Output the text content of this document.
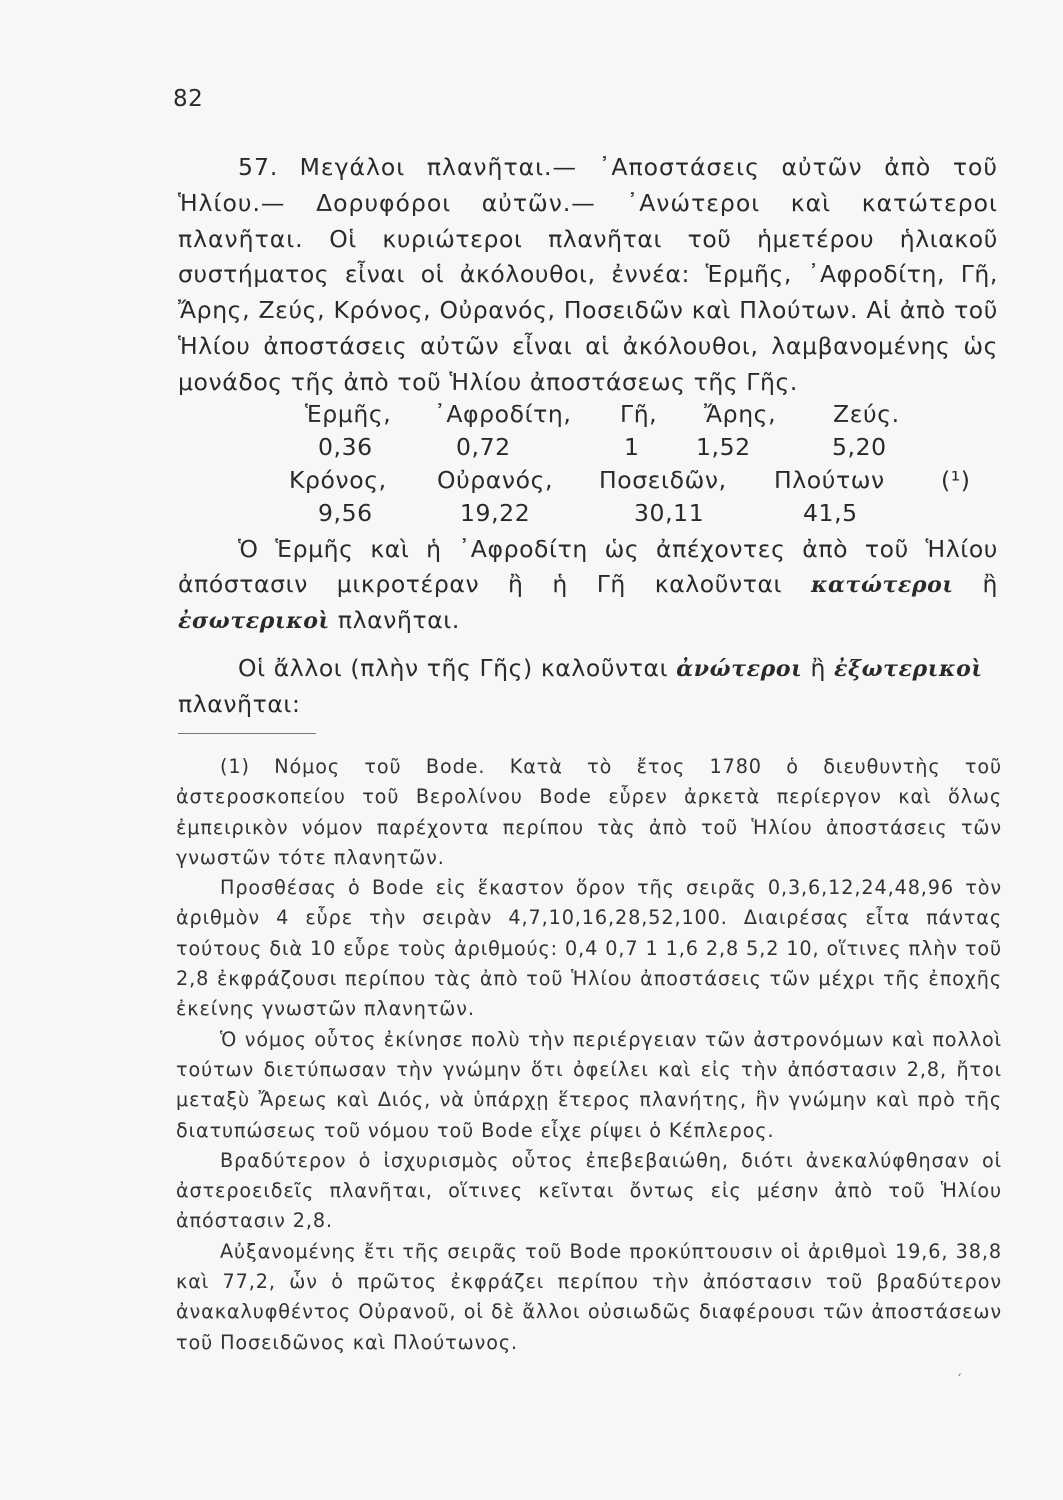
82

57. Μεγάλοι πλανῆται.— ᾿Αποστάσεις αὐτῶν ἀπὸ τοῦ Ἡλίου.— Δορυφόροι αὐτῶν.— ᾿Ανώτεροι καὶ κατώτεροι πλανῆται. Οἱ κυριώτεροι πλανῆται τοῦ ἡμετέρου ἡλιακοῦ συστήματος εἶναι οἱ ἀκόλουθοι, ἐννέα: Ἑρμῆς, ᾿Αφροδίτη, Γῆ, Ἄρης, Ζεύς, Κρόνος, Οὐρανός, Ποσειδῶν καὶ Πλούτων. Αἱ ἀπὸ τοῦ Ἡλίου ἀποστάσεις αὐτῶν εἶναι αἱ ἀκόλουθοι, λαμβανομένης ὡς μονάδος τῆς ἀπὸ τοῦ Ἡλίου ἀποστάσεως τῆς Γῆς.

Ἑρμῆς, ᾿Αφροδίτη, Γῆ, Ἄρης, Ζεύς.
0,36	0,72	1 1,52	5,20
Κρόνος, Οὐρανός, Ποσειδῶν, Πλούτων (¹)
9,56	19,22	30,11	41,5

Ὁ Ἑρμῆς καὶ ἡ ᾿Αφροδίτη ὡς ἀπέχοντες ἀπὸ τοῦ Ἡλίου ἀπόστασιν μικροτέραν ἢ ἡ Γῆ καλοῦνται κατώτεροι ἢ ἐσωτερικοὶ πλανῆται.

Οἱ ἄλλοι (πλὴν τῆς Γῆς) καλοῦνται ἀνώτεροι ἢ ἐξωτερικοὶ
πλανῆται:

(1) Νόμος τοῦ Bode. Κατὰ τὸ ἔτος 1780 ὁ διευθυντὴς τοῦ ἀστεροσκοπείου τοῦ Βερολίνου Bode εὗρεν ἀρκετὰ περίεργον καὶ ὅλως ἐμπειρικὸν νόμον παρέχοντα περίπου τὰς ἀπὸ τοῦ Ἡλίου ἀποστάσεις τῶν γνωστῶν τότε πλανητῶν.

Προσθέσας ὁ Bode εἰς ἕκαστον ὅρον τῆς σειρᾶς 0,3,6,12,24,48,96 τὸν ἀριθμὸν 4 εὗρε τὴν σειρὰν 4,7,10,16,28,52,100. Διαιρέσας εἶτα πάντας τούτους διὰ 10 εὗρε τοὺς ἀριθμούς: 0,4 0,7 1 1,6 2,8 5,2 10, οἵτινες πλὴν τοῦ 2,8 ἐκφράζουσι περίπου τὰς ἀπὸ τοῦ Ἡλίου ἀποστάσεις τῶν μέχρι τῆς ἐποχῆς ἐκείνης γνωστῶν πλανητῶν.

Ὁ νόμος οὗτος ἐκίνησε πολὺ τὴν περιέργειαν τῶν ἀστρονόμων καὶ πολλοὶ τούτων διετύπωσαν τὴν γνώμην ὅτι ὀφείλει καὶ εἰς τὴν ἀπόστασιν 2,8, ἤτοι μεταξὺ Ἄρεως καὶ Διός, νὰ ὑπάρχῃ ἕτερος πλανήτης, ἣν γνώμην καὶ πρὸ τῆς διατυπώσεως τοῦ νόμου τοῦ Bode εἶχε ρίψει ὁ Κέπλερος.

Βραδύτερον ὁ ἰσχυρισμὸς οὗτος ἐπεβεβαιώθη, διότι ἀνεκαλύφθησαν οἱ ἀστεροειδεῖς πλανῆται, οἵτινες κεῖνται ὄντως εἰς μέσην ἀπὸ τοῦ Ἡλίου ἀπόστασιν 2,8.

Αὐξανομένης ἔτι τῆς σειρᾶς τοῦ Bode προκύπτουσιν οἱ ἀριθμοὶ 19,6, 38,8 καὶ 77,2, ὧν ὁ πρῶτος ἐκφράζει περίπου τὴν ἀπόστασιν τοῦ βραδύτερον ἀνακαλυφθέντος Οὐρανοῦ, οἱ δὲ ἄλλοι οὐσιωδῶς διαφέρουσι τῶν ἀποστάσεων τοῦ Ποσειδῶνος καὶ Πλούτωνος.

ˏ
